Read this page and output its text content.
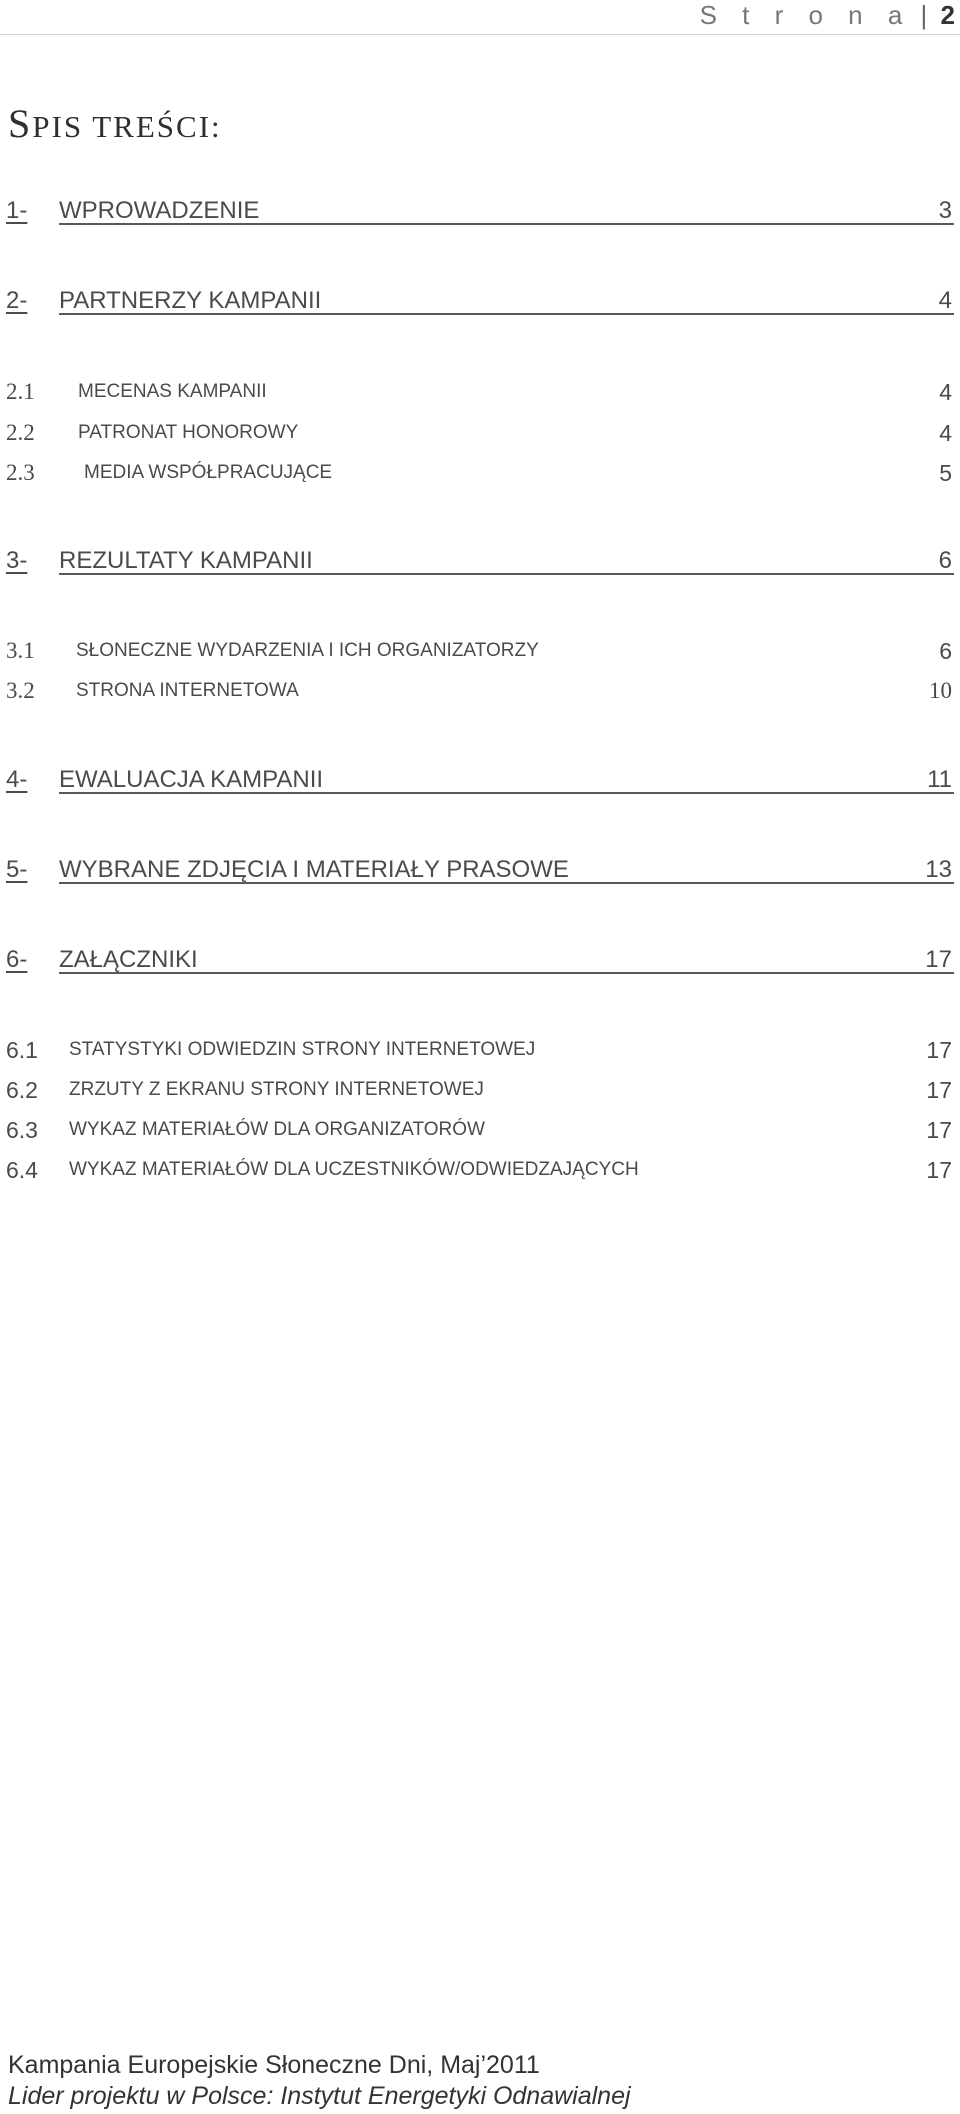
S t r o n a | 2
SPIS TREŚCI:
1-	WPROWADZENIE	3
2-	PARTNERZY KAMPANII	4
2.1 MECENAS KAMPANII	4
2.2 PATRONAT HONOROWY	4
2.3	MEDIA WSPÓŁPRACUJĄCE	5
3-	REZULTATY KAMPANII	6
3.1 SŁONECZNE WYDARZENIA I ICH ORGANIZATORZY	6
3.2 STRONA INTERNETOWA	10
4-	EWALUACJA KAMPANII	11
5-	WYBRANE ZDJĘCIA I MATERIAŁY PRASOWE	13
6-	ZAŁĄCZNIKI	17
6.1 STATYSTYKI ODWIEDZIN STRONY INTERNETOWEJ	17
6.2 ZRZUTY Z EKRANU STRONY INTERNETOWEJ	17
6.3 WYKAZ MATERIAŁÓW DLA ORGANIZATORÓW	17
6.4 WYKAZ MATERIAŁÓW DLA UCZESTNIKÓW/ODWIEDZAJĄCYCH	17
Kampania Europejskie Słoneczne Dni, Maj’2011
Lider projektu w Polsce: Instytut Energetyki Odnawialnej
